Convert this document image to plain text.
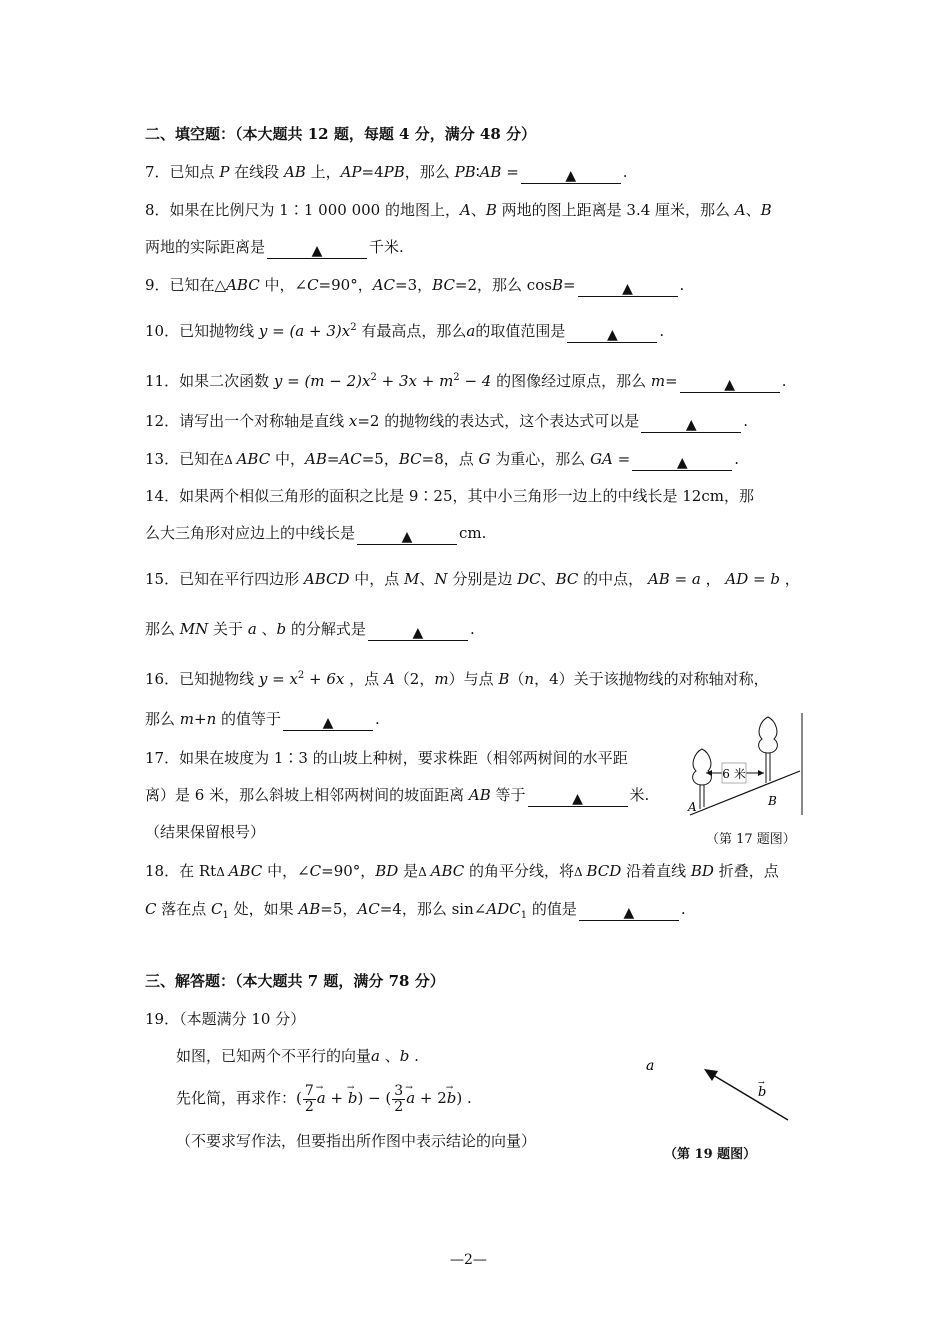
二、填空题：（本大题共 12 题，每题 4 分，满分 48 分）
7．已知点 P 在线段 AB 上，AP=4PB，那么 PB∶AB =	▲	.
8．如果在比例尺为 1∶1 000 000 的地图上，A、B 两地的图上距离是 3.4 厘米，那么 A、B
两地的实际距离是	▲	千米.
9．已知在△ABC 中，∠C=90°，AC=3，BC=2，那么 cosB=	▲	.
10．已知抛物线 $y = (a + 3)x^2$ 有最高点，那么a的取值范围是	▲	.
11．如果二次函数 $y = (m - 2)x^2 + 3x + m^2 - 4$ 的图像经过原点，那么 m=	▲	.
12．请写出一个对称轴是直线 x=2 的抛物线的表达式，这个表达式可以是	▲	.
13．已知在Δ ABC 中，AB=AC=5，BC=8，点 G 为重心，那么 GA =	▲	.
14．如果两个相似三角形的面积之比是 9∶25，其中小三角形一边上的中线长是 12cm，那
么大三角形对应边上的中线长是	▲	cm.
15．已知在平行四边形 ABCD 中，点 M、N 分别是边 DC、BC 的中点， AB = a ， AD = b ，
那么 MN 关于 a 、b 的分解式是	▲	.
16．已知抛物线 $y = x^2 + 6x$ ，点 A（2，m）与点 B（n，4）关于该抛物线的对称轴对称，
那么 m+n 的值等于	▲	.
17．如果在坡度为 1∶3 的山坡上种树，要求株距（相邻两树间的水平距
离）是 6 米，那么斜坡上相邻两树间的坡面距离 AB 等于	▲	米.
（结果保留根号）
6 米
A	B
（第 17 题图）
18．在 RtΔ ABC 中，∠C=90°，BD 是Δ ABC 的角平分线，将Δ BCD 沿着直线 BD 折叠，点
C 落在点 $C_1$ 处，如果 AB=5，AC=4，那么 $\sin\angle ADC_1$ 的值是	▲	.
三、解答题：（本大题共 7 题，满分 78 分）
19．（本题满分 10 分）
如图，已知两个不平行的向量a 、b .
先化简，再求作：( $\frac{7}{2} \to a$ + → b) − ( $\frac{3}{2} \to a + 2\to b$) .
（不要求写作法，但要指出所作图中表示结论的向量）
a
b
→
（第 19 题图）
—2—
